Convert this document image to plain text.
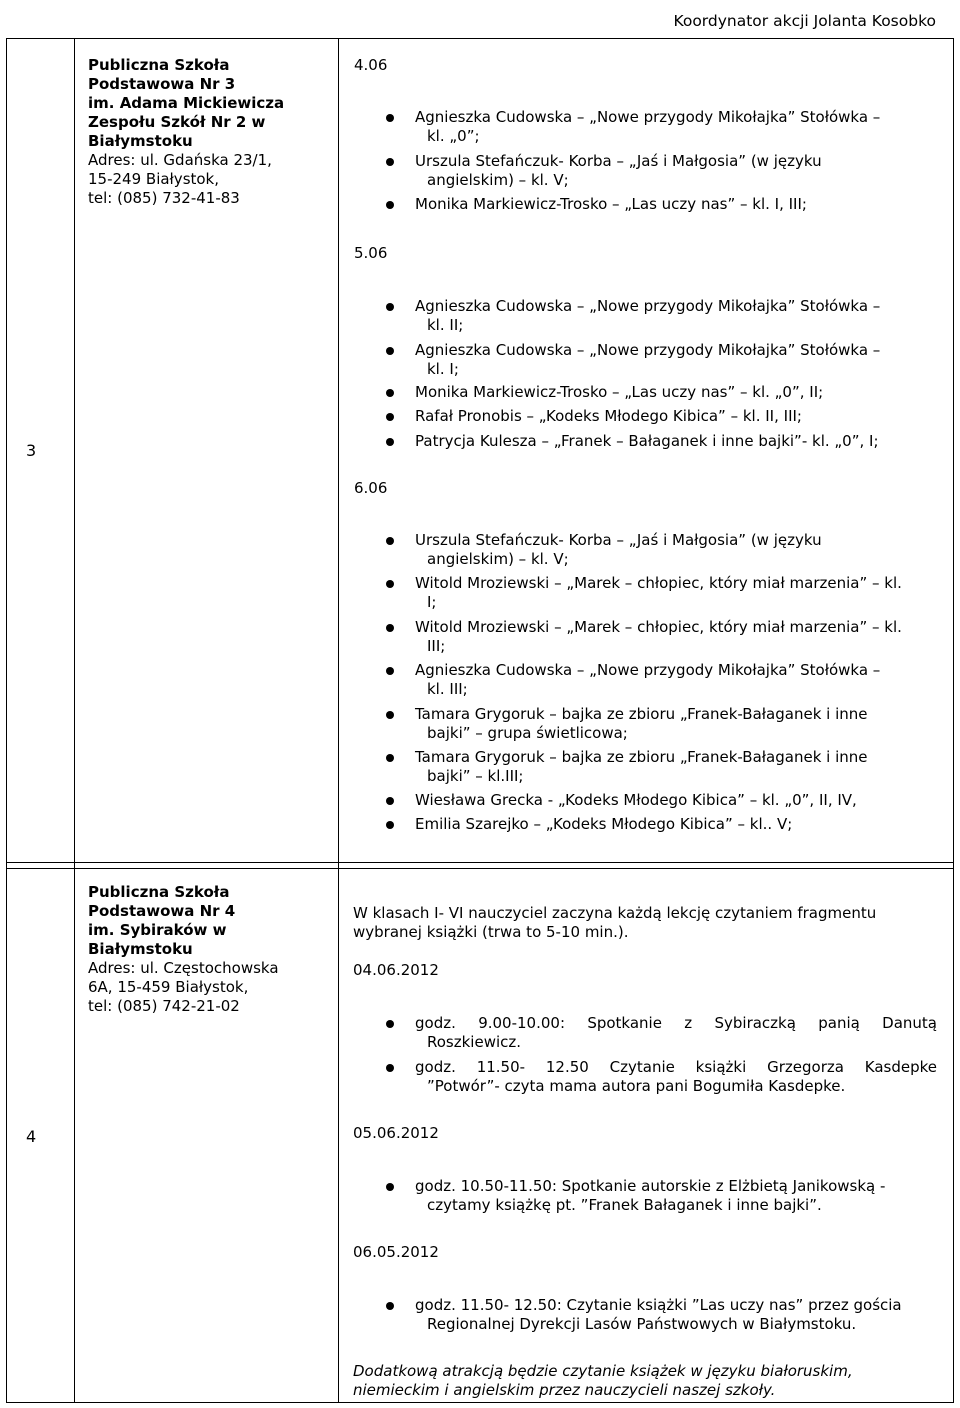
Koordynator akcji Jolanta Kosobko
3
Publiczna Szkoła
Podstawowa Nr 3
im. Adama Mickiewicza
Zespołu Szkół Nr 2 w
Białymstoku
Adres: ul. Gdańska 23/1,
15-249 Białystok,
tel: (085) 732-41-83
4.06
Agnieszka Cudowska – „Nowe przygody Mikołajka” Stołówka –
kl. „0”;
Urszula Stefańczuk- Korba – „Jaś i Małgosia” (w języku
angielskim) – kl. V;
Monika Markiewicz-Trosko – „Las uczy nas” – kl. I, III;
5.06
Agnieszka Cudowska – „Nowe przygody Mikołajka” Stołówka –
kl. II;
Agnieszka Cudowska – „Nowe przygody Mikołajka” Stołówka –
kl. I;
Monika Markiewicz-Trosko – „Las uczy nas” – kl. „0”, II;
Rafał Pronobis – „Kodeks Młodego Kibica” – kl. II, III;
Patrycja Kulesza – „Franek – Bałaganek i inne bajki”- kl. „0”, I;
6.06
Urszula Stefańczuk- Korba – „Jaś i Małgosia” (w języku
angielskim) – kl. V;
Witold Mroziewski – „Marek – chłopiec, który miał marzenia” – kl.
I;
Witold Mroziewski – „Marek – chłopiec, który miał marzenia” – kl.
III;
Agnieszka Cudowska – „Nowe przygody Mikołajka” Stołówka –
kl. III;
Tamara Grygoruk – bajka ze zbioru „Franek-Bałaganek i inne
bajki” – grupa świetlicowa;
Tamara Grygoruk – bajka ze zbioru „Franek-Bałaganek i inne
bajki” – kl.III;
Wiesława Grecka - „Kodeks Młodego Kibica” – kl. „0”, II, IV,
Emilia Szarejko – „Kodeks Młodego Kibica” – kl.. V;
4
Publiczna Szkoła
Podstawowa Nr 4
im. Sybiraków w
Białymstoku
Adres: ul. Częstochowska
6A, 15-459 Białystok,
tel: (085) 742-21-02
W klasach I- VI nauczyciel zaczyna każdą lekcję czytaniem fragmentu
wybranej książki (trwa to 5-10 min.).
04.06.2012
godz. 9.00-10.00: Spotkanie z Sybiraczką panią Danutą
Roszkiewicz.
godz. 11.50- 12.50 Czytanie książki Grzegorza Kasdepke
”Potwór”- czyta mama autora pani Bogumiła Kasdepke.
05.06.2012
godz. 10.50-11.50: Spotkanie autorskie z Elżbietą Janikowską -
czytamy książkę pt. ”Franek Bałaganek i inne bajki”.
06.05.2012
godz. 11.50- 12.50: Czytanie książki ”Las uczy nas” przez gościa
Regionalnej Dyrekcji Lasów Państwowych w Białymstoku.
Dodatkową atrakcją będzie czytanie książek w języku białoruskim,
niemieckim i angielskim przez nauczycieli naszej szkoły.
